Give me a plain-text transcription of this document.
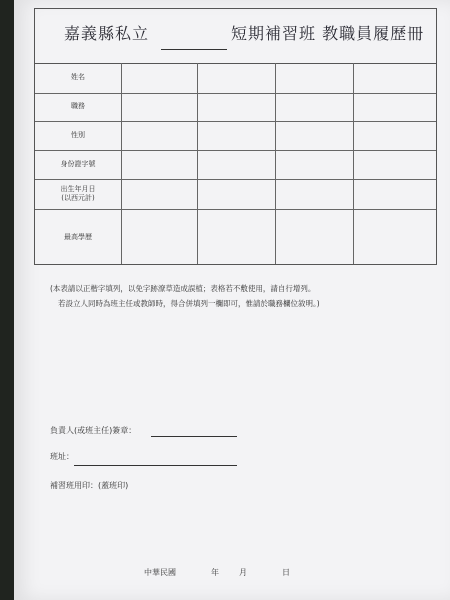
嘉義縣私立	短期補習班 教職員履歷冊
姓名
職務
性別
身份證字號
出生年月日
(以西元計)
最高學歷
(本表請以正楷字填列，以免字跡潦草造成誤植；表格若不敷使用，請自行增列。
若設立人同時為班主任或教師時，得合併填列一欄即可，惟請於職務欄位敘明。)
負責人(或班主任)簽章：
班址：
補習班用印：(蓋班印)
中華民國	年	月	日
